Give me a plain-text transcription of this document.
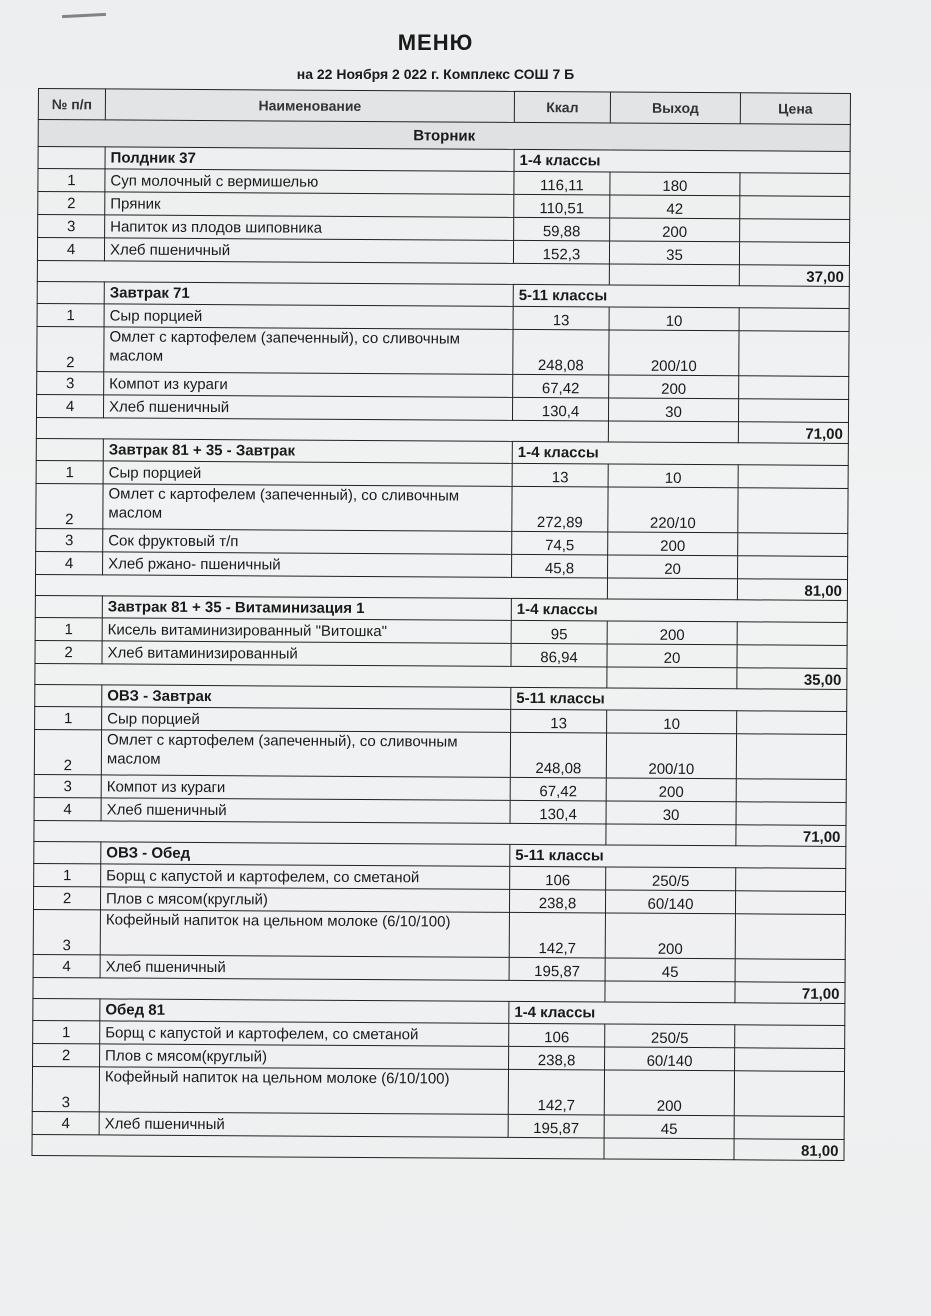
МЕНЮ
на 22 Ноября 2 022 г. Комплекс СОШ 7 Б
№ п/п	Наименование	Ккал	Выход	Цена
Вторник				
	Полдник 37	1-4 классы		
1	Суп молочный с вермишелью	116,11	180	
2	Пряник	110,51	42	
3	Напиток из плодов шиповника	59,88	200	
4	Хлеб пшеничный	152,3	35	
				37,00
	Завтрак 71	5-11 классы		
1	Сыр порцией	13	10	
2	Омлет с картофелем (запеченный), со сливочным маслом	248,08	200/10	
3	Компот из кураги	67,42	200	
4	Хлеб пшеничный	130,4	30	
				71,00
	Завтрак 81 + 35 - Завтрак	1-4 классы		
1	Сыр порцией	13	10	
2	Омлет с картофелем (запеченный), со сливочным маслом	272,89	220/10	
3	Сок фруктовый т/п	74,5	200	
4	Хлеб ржано- пшеничный	45,8	20	
				81,00
	Завтрак 81 + 35 - Витаминизация 1	1-4 классы		
1	Кисель витаминизированный "Витошка"	95	200	
2	Хлеб витаминизированный	86,94	20	
				35,00
	ОВЗ - Завтрак	5-11 классы		
1	Сыр порцией	13	10	
2	Омлет с картофелем (запеченный), со сливочным маслом	248,08	200/10	
3	Компот из кураги	67,42	200	
4	Хлеб пшеничный	130,4	30	
				71,00
	ОВЗ - Обед	5-11 классы		
1	Борщ с капустой и картофелем, со сметаной	106	250/5	
2	Плов с мясом(круглый)	238,8	60/140	
3	Кофейный напиток на цельном молоке (6/10/100)	142,7	200	
4	Хлеб пшеничный	195,87	45	
				71,00
	Обед 81	1-4 классы		
1	Борщ с капустой и картофелем, со сметаной	106	250/5	
2	Плов с мясом(круглый)	238,8	60/140	
3	Кофейный напиток на цельном молоке (6/10/100)	142,7	200	
4	Хлеб пшеничный	195,87	45	
				81,00
